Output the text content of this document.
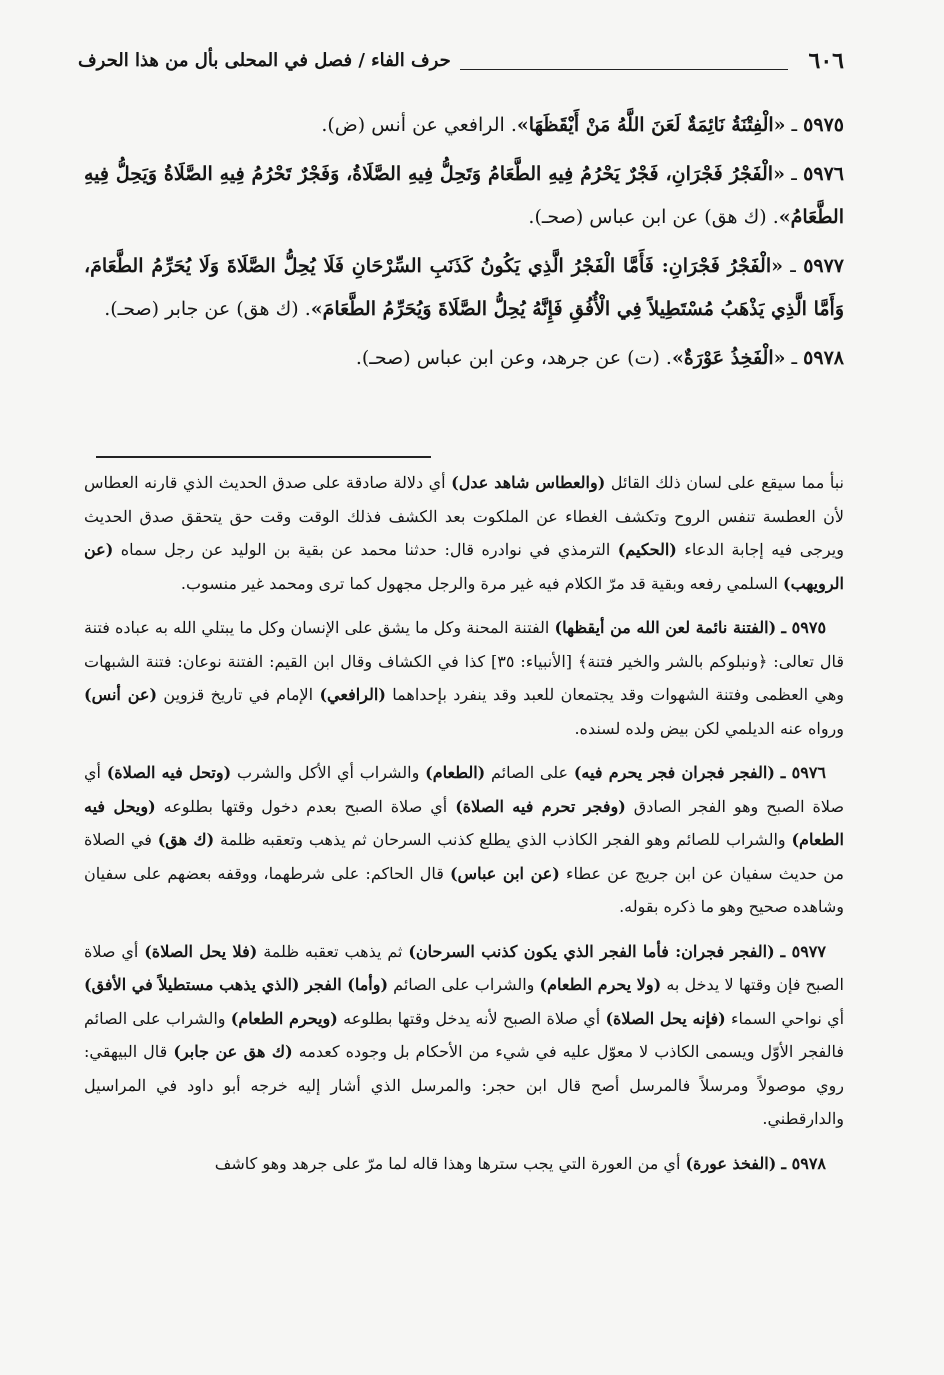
٦٠٦
حرف الفاء / فصل في المحلى بأل من هذا الحرف

٥٩٧٥ ـ «الْفِتْنَةُ نَائِمَةٌ لَعَنَ اللَّهُ مَنْ أَيْقَظَهَا». الرافعي عن أنس (ض).

٥٩٧٦ ـ «الْفَجْرُ فَجْرَانِ، فَجْرٌ يَحْرُمُ فِيهِ الطَّعَامُ وَتَحِلُّ فِيهِ الصَّلَاةُ، وَفَجْرٌ تَحْرُمُ فِيهِ الصَّلَاةُ وَيَحِلُّ فِيهِ الطَّعَامُ». (ك هق) عن ابن عباس (صحـ).

٥٩٧٧ ـ «الْفَجْرُ فَجْرَانِ: فَأَمَّا الْفَجْرُ الَّذِي يَكُونُ كَذَنَبِ السِّرْحَانِ فَلَا يُحِلُّ الصَّلَاةَ وَلَا يُحَرِّمُ الطَّعَامَ، وَأَمَّا الَّذِي يَذْهَبُ مُسْتَطِيلاً فِي الْأُفُقِ فَإِنَّهُ يُحِلُّ الصَّلَاةَ وَيُحَرِّمُ الطَّعَامَ». (ك هق) عن جابر (صحـ).

٥٩٧٨ ـ «الْفَخِذُ عَوْرَةٌ». (ت) عن جرهد، وعن ابن عباس (صحـ).

نبأ مما سيقع على لسان ذلك القائل (والعطاس شاهد عدل) أي دلالة صادقة على صدق الحديث الذي قارنه العطاس لأن العطسة تنفس الروح وتكشف الغطاء عن الملكوت بعد الكشف فذلك الوقت وقت حق يتحقق صدق الحديث ويرجى فيه إجابة الدعاء (الحكيم) الترمذي في نوادره قال: حدثنا محمد عن بقية بن الوليد عن رجل سماه (عن الرويهب) السلمي رفعه وبقية قد مرّ الكلام فيه غير مرة والرجل مجهول كما ترى ومحمد غير منسوب.

٥٩٧٥ ـ (الفتنة نائمة لعن الله من أيقظها) الفتنة المحنة وكل ما يشق على الإنسان وكل ما يبتلي الله به عباده فتنة قال تعالى: ﴿ونبلوكم بالشر والخير فتنة﴾ [الأنبياء: ٣٥] كذا في الكشاف وقال ابن القيم: الفتنة نوعان: فتنة الشبهات وهي العظمى وفتنة الشهوات وقد يجتمعان للعبد وقد ينفرد بإحداهما (الرافعي) الإمام في تاريخ قزوين (عن أنس) ورواه عنه الديلمي لكن بيض ولده لسنده.

٥٩٧٦ ـ (الفجر فجران فجر يحرم فيه) على الصائم (الطعام) والشراب أي الأكل والشرب (وتحل فيه الصلاة) أي صلاة الصبح وهو الفجر الصادق (وفجر تحرم فيه الصلاة) أي صلاة الصبح بعدم دخول وقتها بطلوعه (ويحل فيه الطعام) والشراب للصائم وهو الفجر الكاذب الذي يطلع كذنب السرحان ثم يذهب وتعقبه ظلمة (ك هق) في الصلاة من حديث سفيان عن ابن جريج عن عطاء (عن ابن عباس) قال الحاكم: على شرطهما، ووقفه بعضهم على سفيان وشاهده صحيح وهو ما ذكره بقوله.

٥٩٧٧ ـ (الفجر فجران: فأما الفجر الذي يكون كذنب السرحان) ثم يذهب تعقبه ظلمة (فلا يحل الصلاة) أي صلاة الصبح فإن وقتها لا يدخل به (ولا يحرم الطعام) والشراب على الصائم (وأما) الفجر (الذي يذهب مستطيلاً في الأفق) أي نواحي السماء (فإنه يحل الصلاة) أي صلاة الصبح لأنه يدخل وقتها بطلوعه (ويحرم الطعام) والشراب على الصائم فالفجر الأوّل ويسمى الكاذب لا معوّل عليه في شيء من الأحكام بل وجوده كعدمه (ك هق عن جابر) قال البيهقي: روي موصولاً ومرسلاً فالمرسل أصح قال ابن حجر: والمرسل الذي أشار إليه خرجه أبو داود في المراسيل والدارقطني.

٥٩٧٨ ـ (الفخذ عورة) أي من العورة التي يجب سترها وهذا قاله لما مرّ على جرهد وهو كاشف
